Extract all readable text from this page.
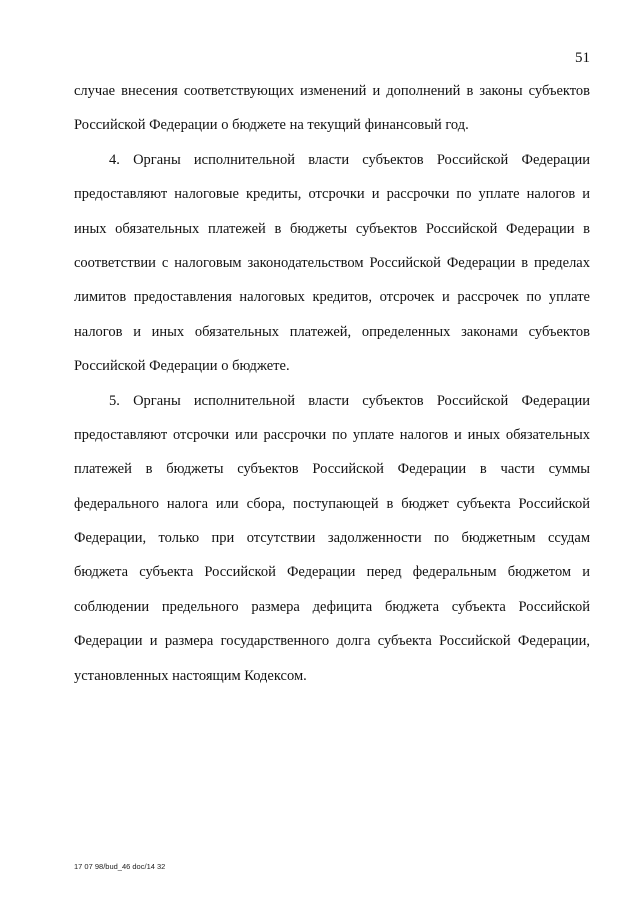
51
случае внесения соответствующих изменений и дополнений в законы субъектов
Российской Федерации о бюджете на текущий финансовый год.
4. Органы исполнительной власти субъектов Российской Федерации
предоставляют налоговые кредиты, отсрочки и рассрочки по уплате налогов и
иных обязательных платежей в бюджеты субъектов Российской Федерации в
соответствии с налоговым законодательством Российской Федерации в пределах
лимитов предоставления налоговых кредитов, отсрочек и рассрочек по уплате
налогов и иных обязательных платежей, определенных законами субъектов
Российской Федерации о бюджете.
5. Органы исполнительной власти субъектов Российской Федерации
предоставляют отсрочки или рассрочки по уплате налогов и иных обязательных
платежей в бюджеты субъектов Российской Федерации в части суммы
федерального налога или сбора, поступающей в бюджет субъекта Российской
Федерации, только при отсутствии задолженности по бюджетным ссудам
бюджета субъекта Российской Федерации перед федеральным бюджетом и
соблюдении предельного размера дефицита бюджета субъекта Российской
Федерации и размера государственного долга субъекта Российской Федерации,
установленных настоящим Кодексом.
17 07 98/bud_46 doc/14 32
